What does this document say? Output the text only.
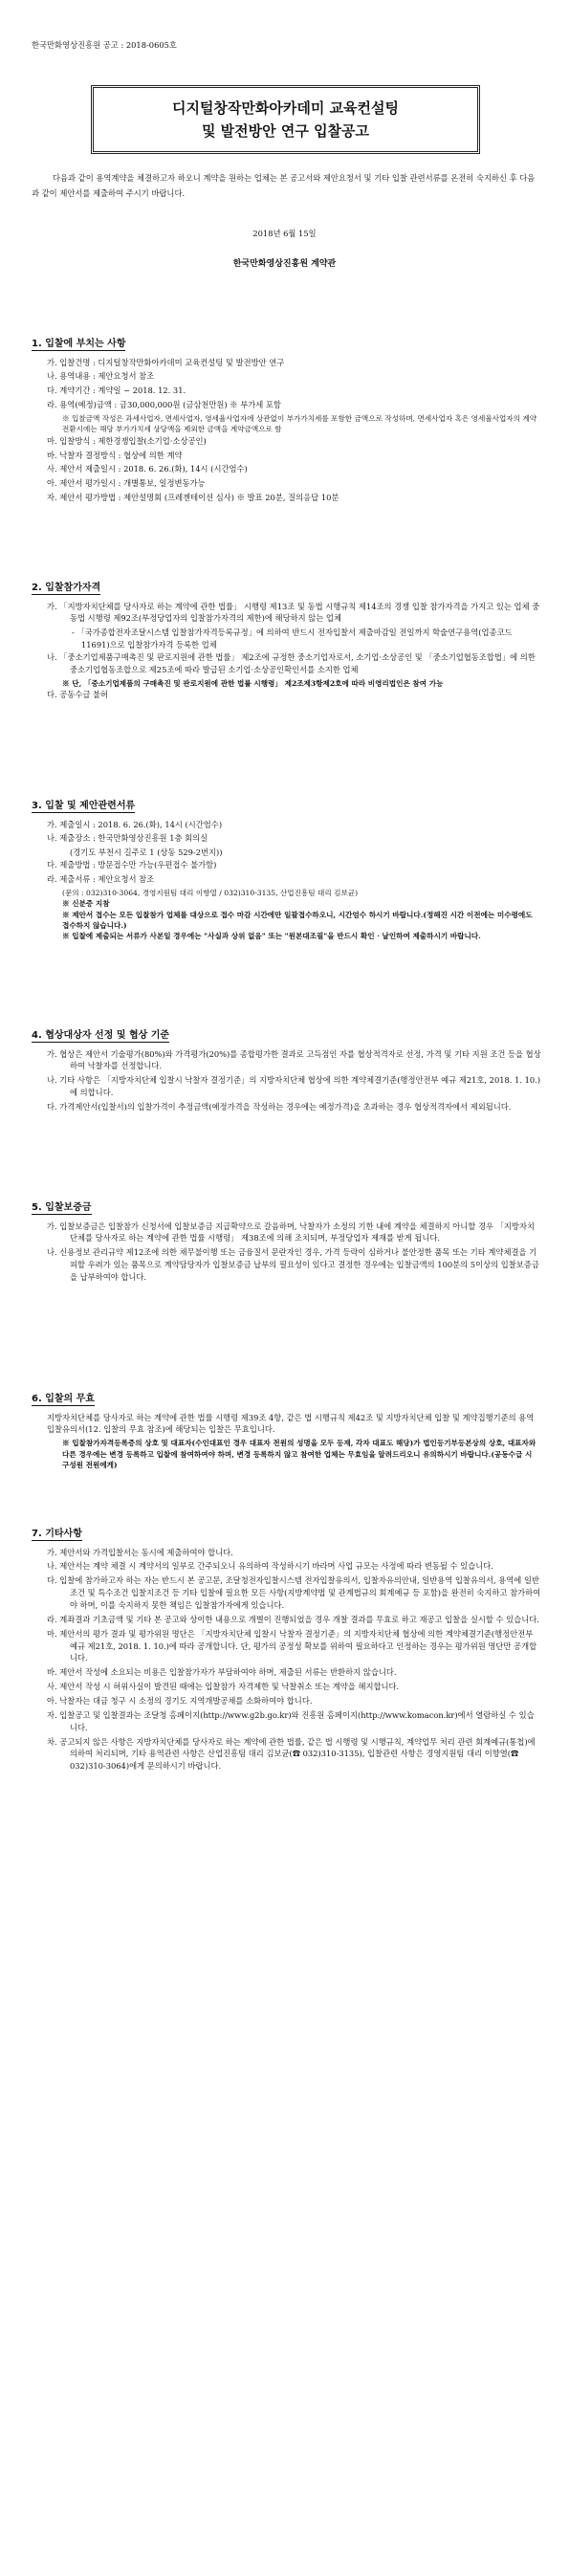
한국만화영상진흥원 공고 : 2018-0605호
디지털창작만화아카데미 교육컨설팅
및 발전방안 연구 입찰공고
다음과 같이 용역계약을 체결하고자 하오니 계약을 원하는 업체는 본 공고서와 제안요청서 및 기타 입찰 관련서류를 온전히 숙지하신 후 다음과 같이 제안서를 제출하여 주시기 바랍니다.
2018년 6월 15일
한국만화영상진흥원 계약관
1. 입찰에 부치는 사항
가. 입찰건명 : 디지털창작만화아카데미 교육컨설팅 및 발전방안 연구
나. 용역내용 : 제안요청서 참조
다. 계약기간 : 계약일 ~ 2018. 12. 31.
라. 용역(예정)금액 : 금30,000,000원 (금삼천만원) ※ 부가세 포함
※ 입찰금액 작성은 과세사업자, 면세사업자, 영세율사업자에 상관없이 부가가치세를 포함한 금액으로 작성하며, 면세사업자 혹은 영세율사업자의 계약 전환시에는 해당 부가가치세 상당액을 제외한 금액을 계약금액으로 함
마. 입찰방식 : 제한경쟁입찰(소기업·소상공인)
바. 낙찰자 결정방식 : 협상에 의한 계약
사. 제안서 제출일시 : 2018. 6. 26.(화), 14시 (시간엄수)
아. 제안서 평가일시 : 개별통보, 일정변동가능
자. 제안서 평가방법 : 제안설명회 (프레젠테이션 심사) ※ 발표 20분, 질의응답 10분
2. 입찰참가자격
가. 「지방자치단체를 당사자로 하는 계약에 관한 법률」 시행령 제13조 및 동법 시행규칙 제14조의 경쟁 입찰 참가자격을 가지고 있는 업체 중 동법 시행령 제92조(부정당업자의 입찰참가자격의 제한)에 해당하지 않는 업체
- 「국가종합전자조달시스템 입찰참가자격등록규정」에 의하여 반드시 전자입찰서 제출마감일 전일까지 학술연구용역(업종코드 11691)으로 입찰참가자격 등록한 업체
나. 「중소기업제품구매촉진 및 판로지원에 관한 법률」 제2조에 규정한 중소기업자로서, 소기업·소상공인 및 「중소기업협동조합법」에 의한 중소기업협동조합으로 제25조에 따라 발급된 소기업·소상공인확인서를 소지한 업체
※ 단, 「중소기업제품의 구매촉진 및 판로지원에 관한 법률 시행령」 제2조제3항제2호에 따라 비영리법인은 참여 가능
다. 공동수급 불허
3. 입찰 및 제안관련서류
가. 제출일시 : 2018. 6. 26.(화), 14시 (시간엄수)
나. 제출장소 : 한국만화영상진흥원 1층 회의실
(경기도 부천시 길주로 1 (상동 529-2번지))
다. 제출방법 : 방문접수만 가능(우편접수 불가함)
라. 제출서류 : 제안요청서 참조
(문의 : 032)310-3064, 경영지원팀 대리 이향열 / 032)310-3135, 산업진흥팀 대리 김보균)
※ 신분증 지참
※ 제안서 접수는 모든 입찰참가 업체를 대상으로 접수 마감 시간에만 일괄접수하오니, 시간엄수 하시기 바랍니다.(정해진 시간 이전에는 미수령에도 접수하지 않습니다.)
※ 입찰에 제출되는 서류가 사본일 경우에는 "사실과 상위 없음" 또는 "원본대조필"을 반드시 확인 · 날인하여 제출하시기 바랍니다.
4. 협상대상자 선정 및 협상 기준
가. 협상은 제안서 기술평가(80%)와 가격평가(20%)를 종합평가한 결과로 고득점인 자를 협상적격자로 선정, 가격 및 기타 지원 조건 등을 협상하여 낙찰자를 선정합니다.
나. 기타 사항은 「지방자치단체 입찰시 낙찰자 결정기준」의 지방자치단체 협상에 의한 계약체결기준(행정안전부 예규 제21호, 2018. 1. 10.)에 의합니다.
다. 가격제안서(입찰서)의 입찰가격이 추정금액(예정가격을 작성하는 경우에는 예정가격)을 초과하는 경우 협상적격자에서 제외됩니다.
5. 입찰보증금
가. 입찰보증금은 입찰참가 신청서에 입찰보증금 지급확약으로 갈음하며, 낙찰자가 소정의 기한 내에 계약을 체결하지 아니할 경우 「지방자치단체를 당사자로 하는 계약에 관한 법률 시행령」 제38조에 의해 조치되며, 부정당업자 제재를 받게 됩니다.
나. 신용정보 관리규약 제12조에 의한 채무불이행 또는 금융질서 문란자인 경우, 가격 등락이 심하거나 불안정한 품목 또는 기타 계약체결을 기피할 우려가 있는 품목으로 계약담당자가 입찰보증금 납부의 필요성이 있다고 결정한 경우에는 입찰금액의 100분의 5이상의 입찰보증금을 납부하여야 합니다.
6. 입찰의 무효
지방자치단체를 당사자로 하는 계약에 관한 법률 시행령 제39조 4항, 같은 법 시행규칙 제42조 및 지방자치단체 입찰 및 계약집행기준의 용역입찰유의서(12. 입찰의 무효 참조)에 해당되는 입찰은 무효입니다.
※ 입찰참가자격등록증의 상호 및 대표자(수인대표인 경우 대표자 전원의 성명을 모두 등재, 각자 대표도 해당)가 법인등기부등본상의 상호, 대표자와 다른 경우에는 변경 등록하고 입찰에 참여하여야 하며, 변경 등록하지 않고 참여한 업체는 무효임을 알려드리오니 유의하시기 바랍니다.(공동수급 시 구성원 전원에게)
7. 기타사항
가. 제안서와 가격입찰서는 동시에 제출하여야 합니다.
나. 제안서는 계약 체결 시 계약서의 일부로 간주되오니 유의하여 작성하시기 바라며 사업 규모는 사정에 따라 변동될 수 있습니다.
다. 입찰에 참가하고자 하는 자는 반드시 본 공고문, 조달청전자입찰시스템 전자입찰유의서, 입찰자유의안내, 일반용역 입찰유의서, 용역에 일반조건 및 특수조건 입찰지조건 등 기타 입찰에 필요한 모든 사항(지방계약법 및 관계법규의 회계예규 등 포함)을 완전히 숙지하고 참가하여야 하며, 이를 숙지하지 못한 책임은 입찰참가자에게 있습니다.
라. 계좌결과 기초금액 및 기타 본 공고와 상이한 내용으로 개별이 진행되었을 경우 개찰 결과를 무효로 하고 재공고 입찰을 실시할 수 있습니다.
마. 제안서의 평가 결과 및 평가위원 명단은 「지방자치단체 입찰시 낙찰자 결정기준」의 지방자치단체 협상에 의한 계약체결기준(행정안전부 예규 제21호, 2018. 1. 10.)에 따라 공개합니다. 단, 평가의 공정성 확보를 위하여 필요하다고 인정하는 경우는 평가위원 명단만 공개합니다.
바. 제안서 작성에 소요되는 비용은 입찰참가자가 부담하여야 하며, 제출된 서류는 반환하지 않습니다.
사. 제안서 작성 시 허위사실이 발견된 때에는 입찰참가 자격제한 및 낙찰취소 또는 계약을 해지합니다.
아. 낙찰자는 대금 청구 시 소정의 경기도 지역개발공채를 소화하여야 합니다.
자. 입찰공고 및 입찰결과는 조달청 홈페이지(http://www.g2b.go.kr)와 진흥원 홈페이지(http://www.komacon.kr)에서 열람하실 수 있습니다.
차. 공고되지 않은 사항은 지방자치단체를 당사자로 하는 계약에 관한 법률, 같은 법 시행령 및 시행규칙, 계약업무 처리 관련 회계예규(통첩)에 의하여 처리되며, 기타 용역관련 사항은 산업진흥팀 대리 김보균(☎ 032)310-3135), 입찰관련 사항은 경영지원팀 대리 이향열(☎ 032)310-3064)에게 문의하시기 바랍니다.
